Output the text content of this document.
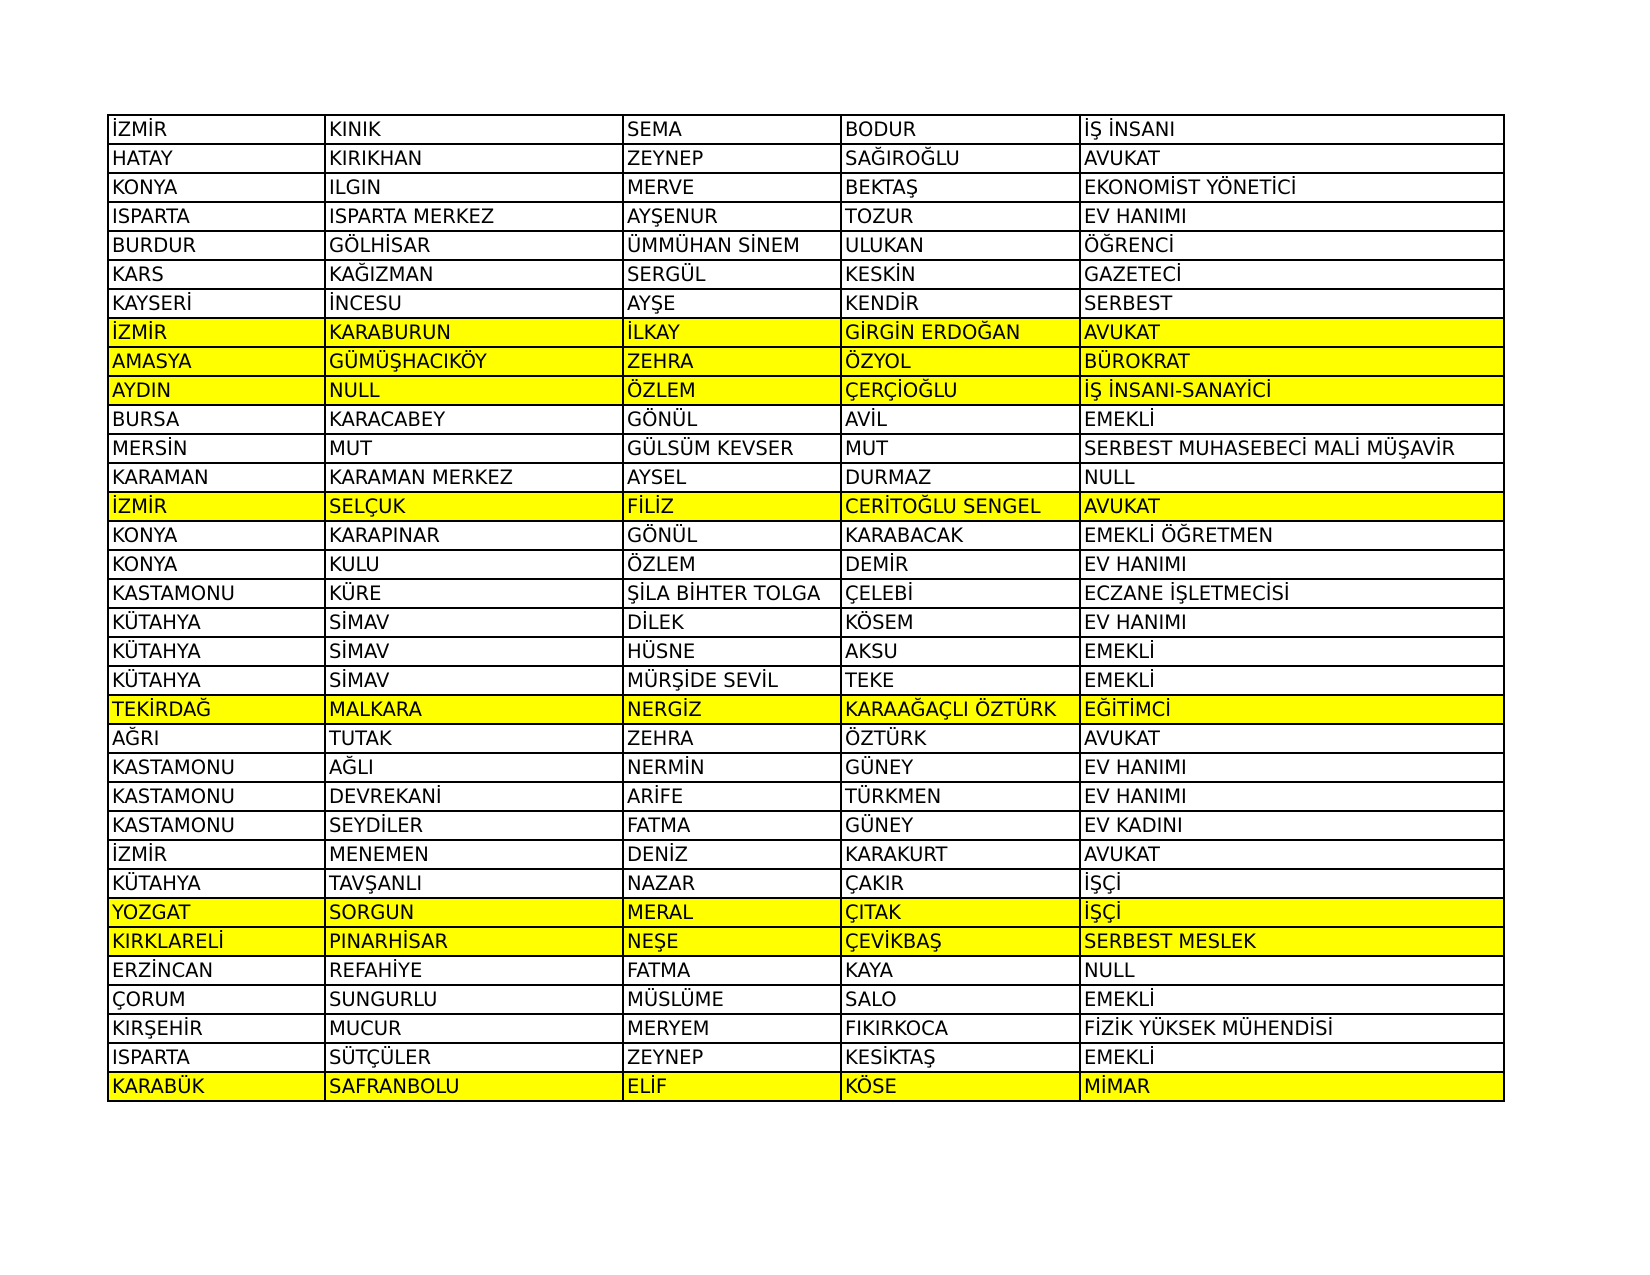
İZMİR	KINIK	SEMA	BODUR	İŞ İNSANI
HATAY	KIRIKHAN	ZEYNEP	SAĞIROĞLU	AVUKAT
KONYA	ILGIN	MERVE	BEKTAŞ	EKONOMİST YÖNETİCİ
ISPARTA	ISPARTA MERKEZ	AYŞENUR	TOZUR	EV HANIMI
BURDUR	GÖLHİSAR	ÜMMÜHAN SİNEM	ULUKAN	ÖĞRENCİ
KARS	KAĞIZMAN	SERGÜL	KESKİN	GAZETECİ
KAYSERİ	İNCESU	AYŞE	KENDİR	SERBEST
İZMİR	KARABURUN	İLKAY	GİRGİN ERDOĞAN	AVUKAT
AMASYA	GÜMÜŞHACIKÖY	ZEHRA	ÖZYOL	BÜROKRAT
AYDIN	NULL	ÖZLEM	ÇERÇİOĞLU	İŞ İNSANI-SANAYİCİ
BURSA	KARACABEY	GÖNÜL	AVİL	EMEKLİ
MERSİN	MUT	GÜLSÜM KEVSER	MUT	SERBEST MUHASEBECİ MALİ MÜŞAVİR
KARAMAN	KARAMAN MERKEZ	AYSEL	DURMAZ	NULL
İZMİR	SELÇUK	FİLİZ	CERİTOĞLU SENGEL	AVUKAT
KONYA	KARAPINAR	GÖNÜL	KARABACAK	EMEKLİ ÖĞRETMEN
KONYA	KULU	ÖZLEM	DEMİR	EV HANIMI
KASTAMONU	KÜRE	ŞİLA BİHTER TOLGA	ÇELEBİ	ECZANE İŞLETMECİSİ
KÜTAHYA	SİMAV	DİLEK	KÖSEM	EV HANIMI
KÜTAHYA	SİMAV	HÜSNE	AKSU	EMEKLİ
KÜTAHYA	SİMAV	MÜRŞİDE SEVİL	TEKE	EMEKLİ
TEKİRDAĞ	MALKARA	NERGİZ	KARAAĞAÇLI ÖZTÜRK	EĞİTİMCİ
AĞRI	TUTAK	ZEHRA	ÖZTÜRK	AVUKAT
KASTAMONU	AĞLI	NERMİN	GÜNEY	EV HANIMI
KASTAMONU	DEVREKANİ	ARİFE	TÜRKMEN	EV HANIMI
KASTAMONU	SEYDİLER	FATMA	GÜNEY	EV KADINI
İZMİR	MENEMEN	DENİZ	KARAKURT	AVUKAT
KÜTAHYA	TAVŞANLI	NAZAR	ÇAKIR	İŞÇİ
YOZGAT	SORGUN	MERAL	ÇITAK	İŞÇİ
KIRKLARELİ	PINARHİSAR	NEŞE	ÇEVİKBAŞ	SERBEST MESLEK
ERZİNCAN	REFAHİYE	FATMA	KAYA	NULL
ÇORUM	SUNGURLU	MÜSLÜME	SALO	EMEKLİ
KIRŞEHİR	MUCUR	MERYEM	FIKIRKOCA	FİZİK YÜKSEK MÜHENDİSİ
ISPARTA	SÜTÇÜLER	ZEYNEP	KESİKTAŞ	EMEKLİ
KARABÜK	SAFRANBOLU	ELİF	KÖSE	MİMAR
